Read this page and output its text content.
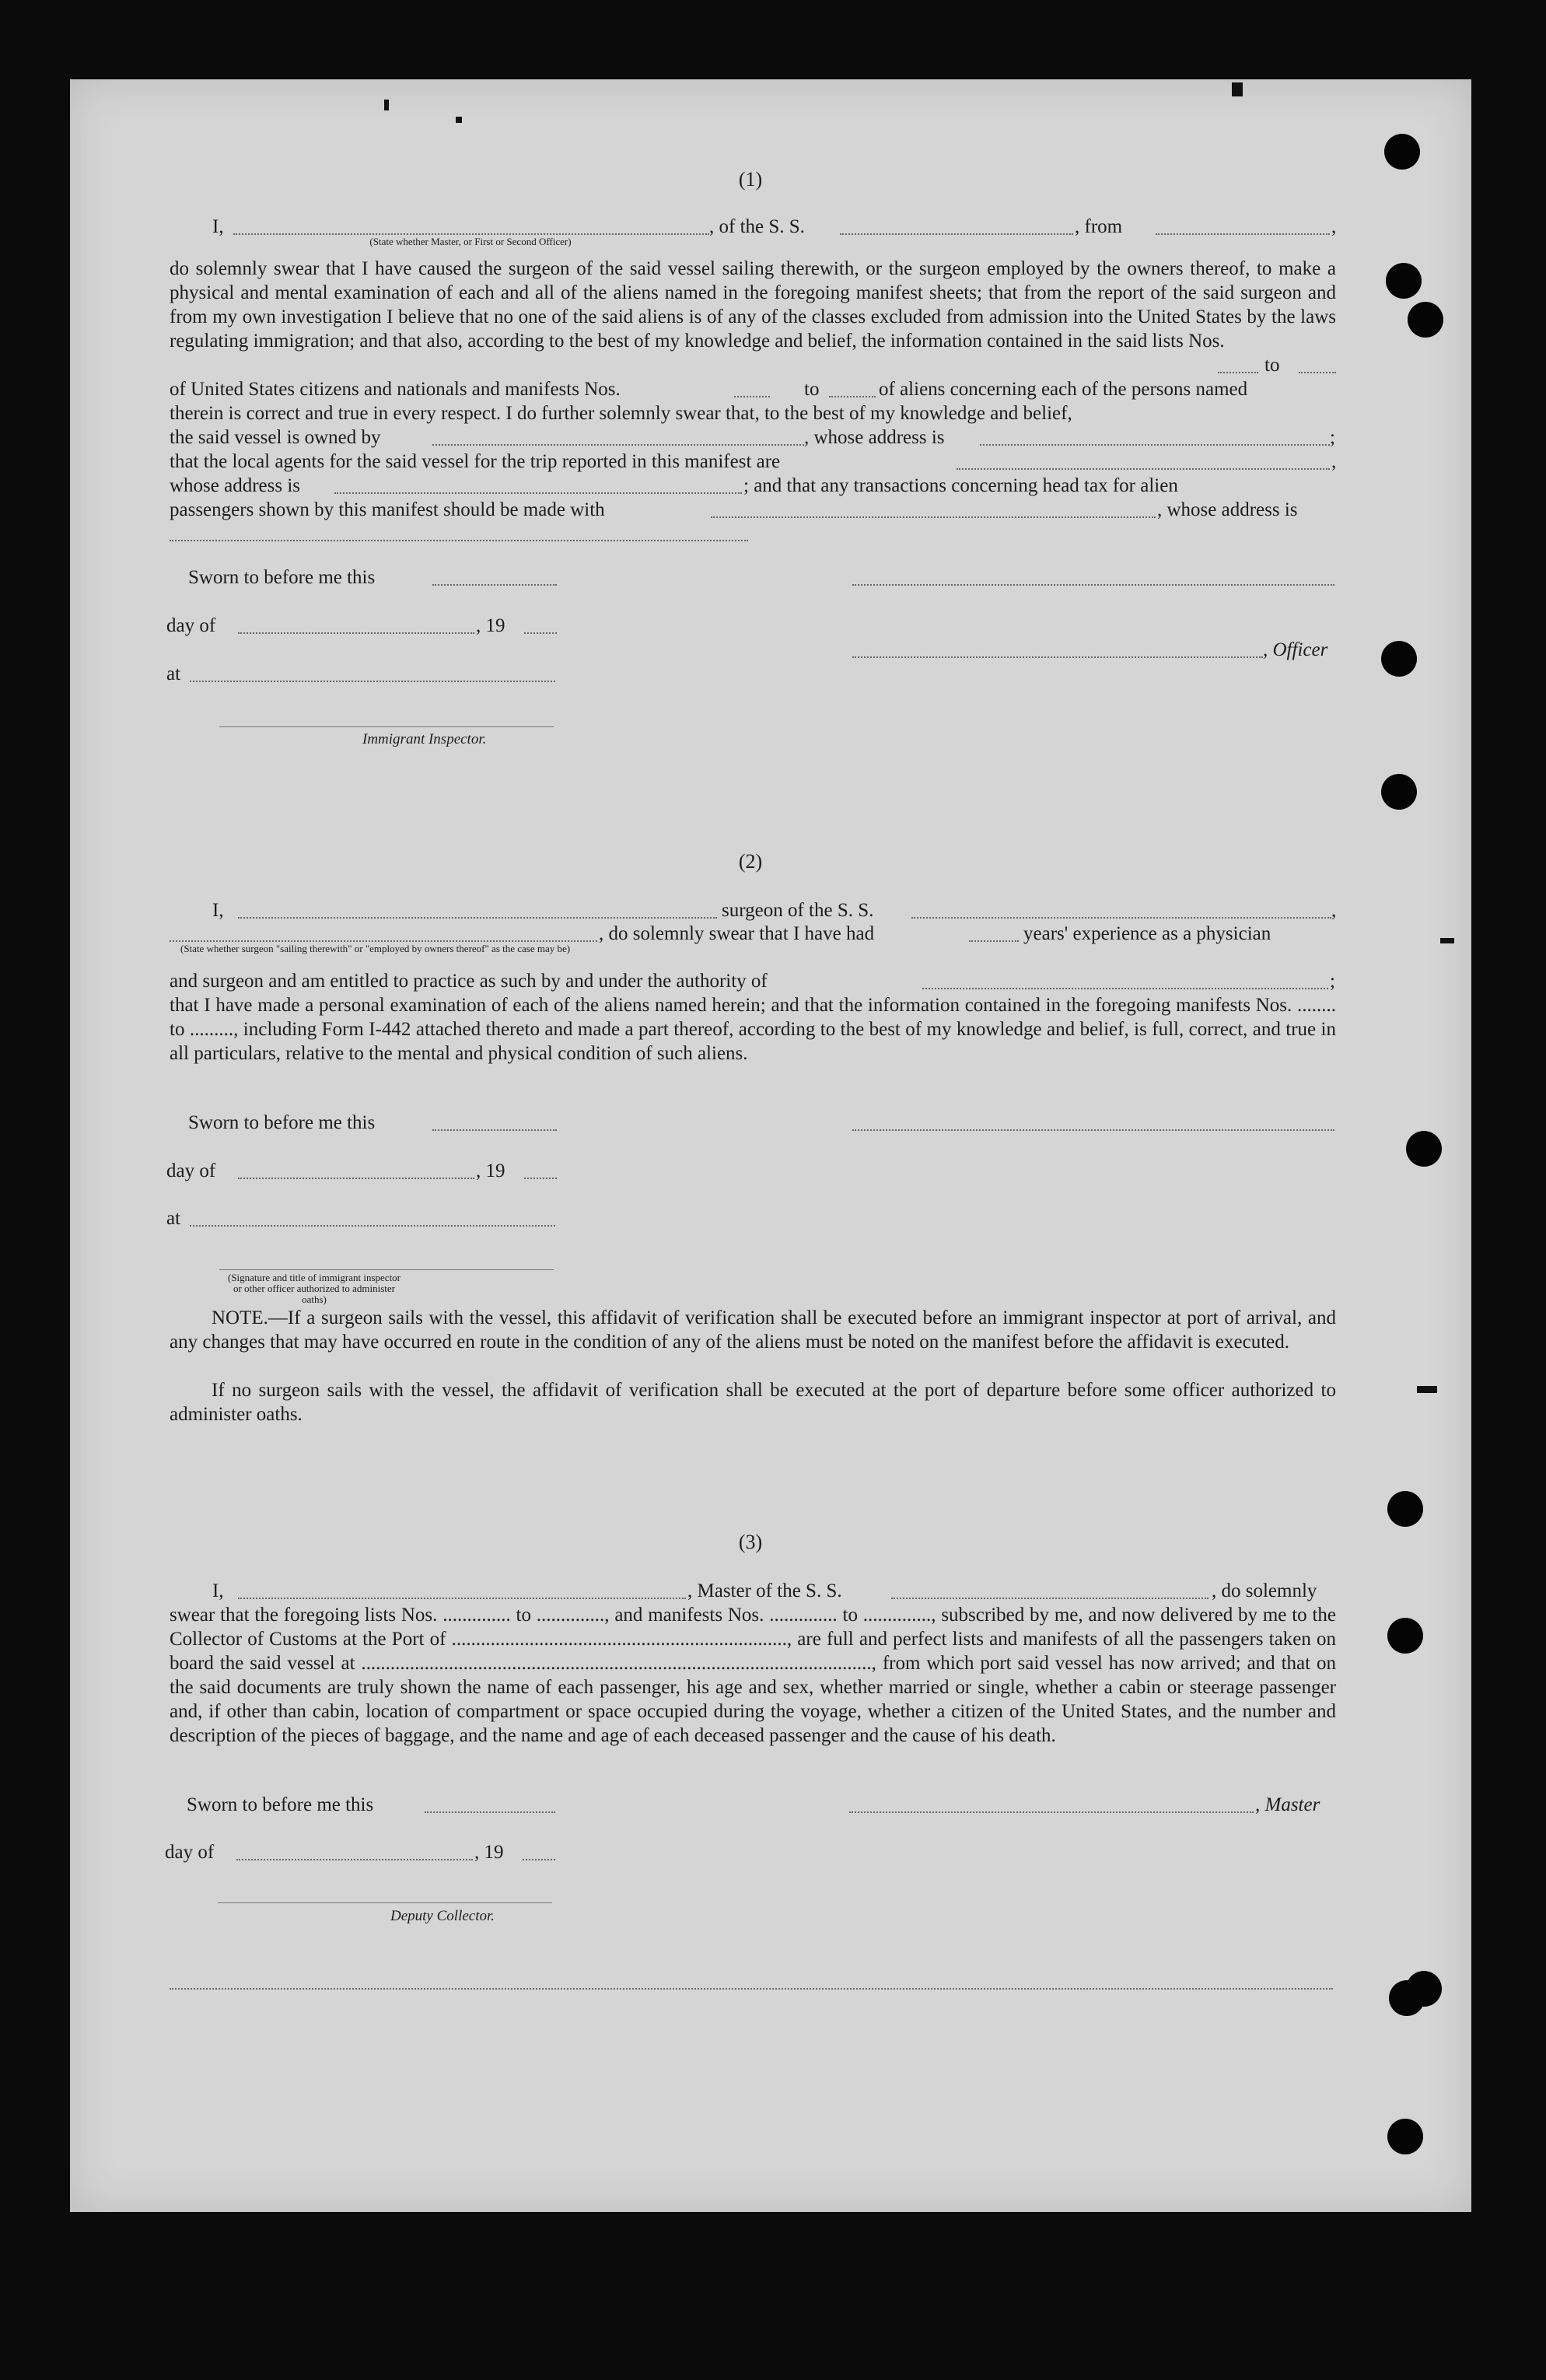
(1)
I,	, of the S. S.	, from	,
(State whether Master, or First or Second Officer)
do solemnly swear that I have caused the surgeon of the said vessel sailing therewith, or the surgeon employed by the owners thereof, to make a physical and mental examination of each and all of the aliens named in the foregoing manifest sheets; that from the report of the said surgeon and from my own investigation I believe that no one of the said aliens is of any of the classes excluded from admission into the United States by the laws regulating immigration; and that also, according to the best of my knowledge and belief, the information contained in the said lists Nos.
to
of United States citizens and nationals and manifests Nos.	to	of aliens concerning each of the persons named
therein is correct and true in every respect. I do further solemnly swear that, to the best of my knowledge and belief,
the said vessel is owned by	, whose address is	;
that the local agents for the said vessel for the trip reported in this manifest are	,
whose address is	; and that any transactions concerning head tax for alien
passengers shown by this manifest should be made with	, whose address is
Sworn to before me this
day of	, 19
, Officer
at
Immigrant Inspector.
(2)
I,	surgeon of the S. S.	,
, do solemnly swear that I have had	years' experience as a physician
(State whether surgeon "sailing therewith" or "employed by owners thereof" as the case may be)
and surgeon and am entitled to practice as such by and under the authority of	;
that I have made a personal examination of each of the aliens named herein; and that the information contained in the foregoing manifests Nos. ........ to ........., including Form I-442 attached thereto and made a part thereof, according to the best of my knowledge and belief, is full, correct, and true in all particulars, relative to the mental and physical condition of such aliens.
Sworn to before me this
day of	, 19
at
(Signature and title of immigrant inspector or other officer authorized to administer oaths)
NOTE.—If a surgeon sails with the vessel, this affidavit of verification shall be executed before an immigrant inspector at port of arrival, and any changes that may have occurred en route in the condition of any of the aliens must be noted on the manifest before the affidavit is executed.
If no surgeon sails with the vessel, the affidavit of verification shall be executed at the port of departure before some officer authorized to administer oaths.
(3)
I,	, Master of the S. S.	, do solemnly
swear that the foregoing lists Nos. .............. to .............., and manifests Nos. .............. to .............., subscribed by me, and now delivered by me to the Collector of Customs at the Port of ....................................................................., are full and perfect lists and manifests of all the passengers taken on board the said vessel at ........................................................................................................., from which port said vessel has now arrived; and that on the said documents are truly shown the name of each passenger, his age and sex, whether married or single, whether a cabin or steerage passenger and, if other than cabin, location of compartment or space occupied during the voyage, whether a citizen of the United States, and the number and description of the pieces of baggage, and the name and age of each deceased passenger and the cause of his death.
Sworn to before me this	, Master
day of	, 19
Deputy Collector.
